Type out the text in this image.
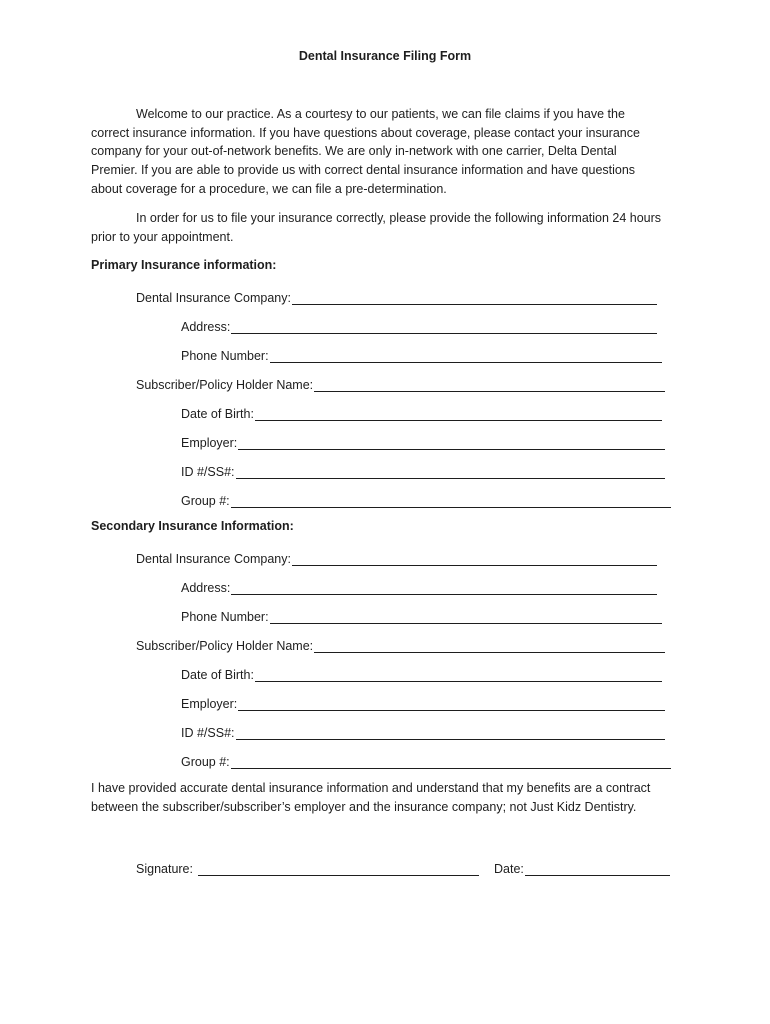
Dental Insurance Filing Form

Welcome to our practice. As a courtesy to our patients, we can file claims if you have the correct insurance information. If you have questions about coverage, please contact your insurance company for your out-of-network benefits. We are only in-network with one carrier, Delta Dental Premier. If you are able to provide us with correct dental insurance information and have questions about coverage for a procedure, we can file a pre-determination.

In order for us to file your insurance correctly, please provide the following information 24 hours prior to your appointment.

Primary Insurance information:
Dental Insurance Company:
Address:
Phone Number:
Subscriber/Policy Holder Name:
Date of Birth:
Employer:
ID #/SS#:
Group #:
Secondary Insurance Information:
Dental Insurance Company:
Address:
Phone Number:
Subscriber/Policy Holder Name:
Date of Birth:
Employer:
ID #/SS#:
Group #:

I have provided accurate dental insurance information and understand that my benefits are a contract between the subscriber/subscriber’s employer and the insurance company; not Just Kidz Dentistry.

Signature:	Date:
